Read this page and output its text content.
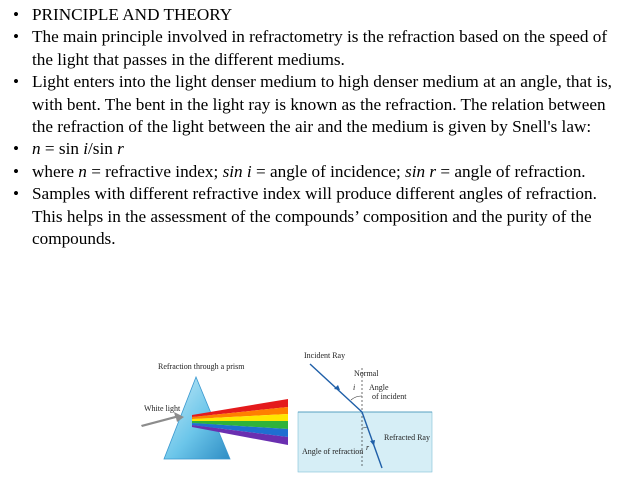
• PRINCIPLE AND THEORY
• The main principle involved in refractometry is the refraction based on the speed of the light that passes in the different mediums.
• Light enters into the light denser medium to high denser medium at an angle, that is, with bent. The bent in the light ray is known as the refraction. The relation between the refraction of the light between the air and the medium is given by Snell's law:
• n = sin i/sin r
• where n = refractive index; sin i = angle of incidence; sin r = angle of refraction.
• Samples with different refractive index will produce different angles of refraction. This helps in the assessment of the compounds’ composition and the purity of the compounds.
Refraction through a prism
White light
Incident Ray
Normal
i Angle
of incident
Refracted Ray
Angle of refraction r
